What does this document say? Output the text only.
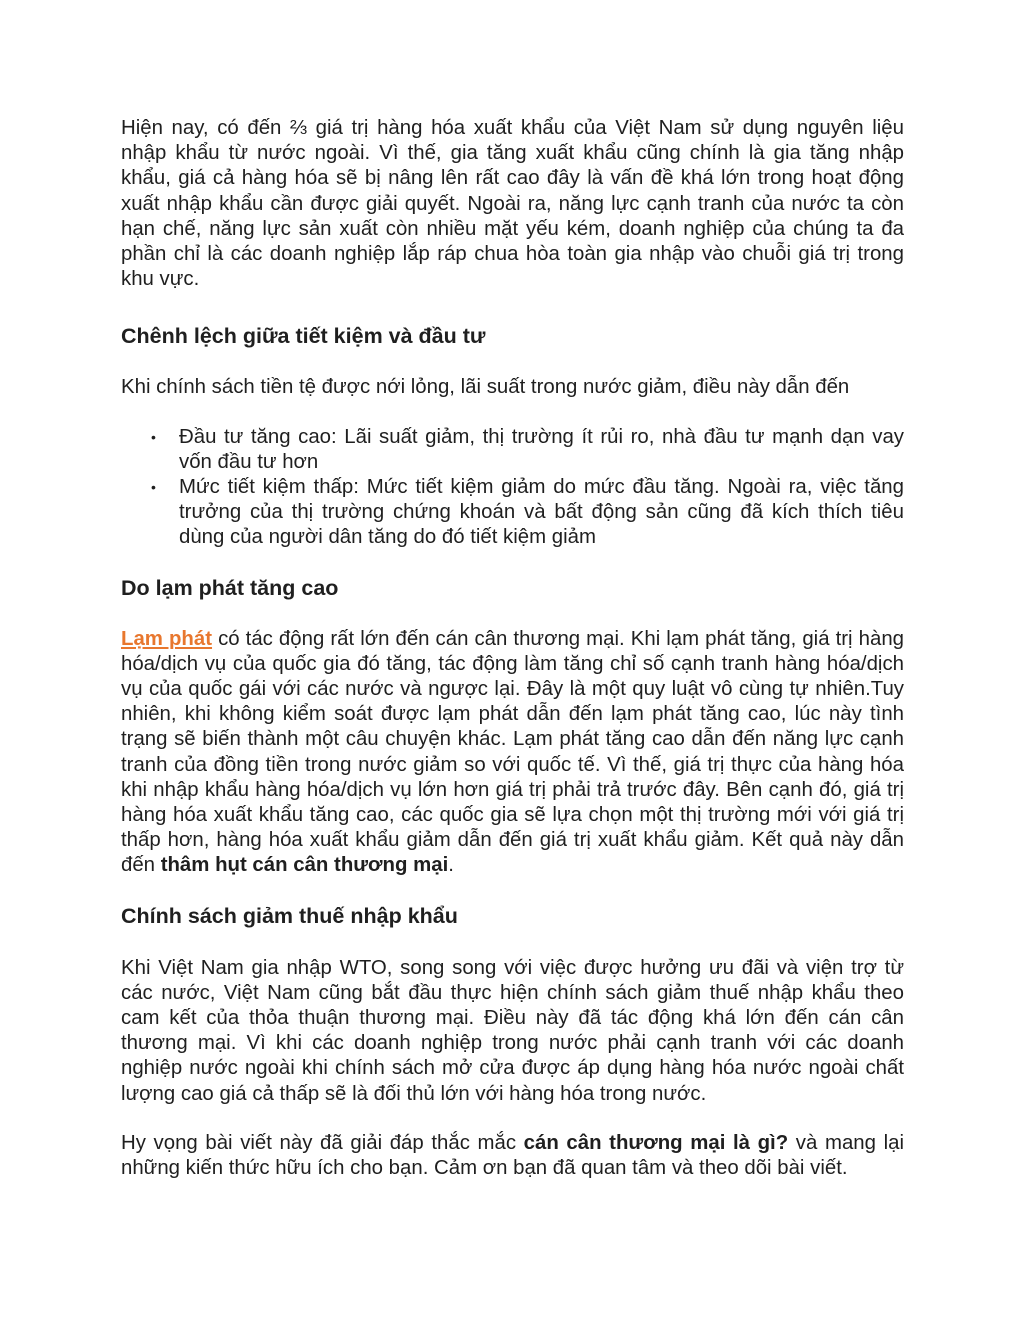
Hiện nay, có đến ⅔ giá trị hàng hóa xuất khẩu của Việt Nam sử dụng nguyên liệu nhập khẩu từ nước ngoài. Vì thế, gia tăng xuất khẩu cũng chính là gia tăng nhập khẩu, giá cả hàng hóa sẽ bị nâng lên rất cao đây là vấn đề khá lớn trong hoạt động xuất nhập khẩu cần được giải quyết. Ngoài ra, năng lực cạnh tranh của nước ta còn hạn chế, năng lực sản xuất còn nhiều mặt yếu kém, doanh nghiệp của chúng ta đa phần chỉ là các doanh nghiệp lắp ráp chua hòa toàn gia nhập vào chuỗi giá trị trong khu vực.

Chênh lệch giữa tiết kiệm và đầu tư

Khi chính sách tiền tệ được nới lỏng, lãi suất trong nước giảm, điều này dẫn đến

• Đầu tư tăng cao: Lãi suất giảm, thị trường ít rủi ro, nhà đầu tư mạnh dạn vay vốn đầu tư hơn
• Mức tiết kiệm thấp: Mức tiết kiệm giảm do mức đầu tăng. Ngoài ra, việc tăng trưởng của thị trường chứng khoán và bất động sản cũng đã kích thích tiêu dùng của người dân tăng do đó tiết kiệm giảm
Do lạm phát tăng cao

Lạm phát có tác động rất lớn đến cán cân thương mại. Khi lạm phát tăng, giá trị hàng hóa/dịch vụ của quốc gia đó tăng, tác động làm tăng chỉ số cạnh tranh hàng hóa/dịch vụ của quốc gái với các nước và ngược lại. Đây là một quy luật vô cùng tự nhiên.Tuy nhiên, khi không kiểm soát được lạm phát dẫn đến lạm phát tăng cao, lúc này tình trạng sẽ biến thành một câu chuyện khác. Lạm phát tăng cao dẫn đến năng lực cạnh tranh của đồng tiền trong nước giảm so với quốc tế. Vì thế, giá trị thực của hàng hóa khi nhập khẩu hàng hóa/dịch vụ lớn hơn giá trị phải trả trước đây. Bên cạnh đó, giá trị hàng hóa xuất khẩu tăng cao, các quốc gia sẽ lựa chọn một thị trường mới với giá trị thấp hơn, hàng hóa xuất khẩu giảm dẫn đến giá trị xuất khẩu giảm. Kết quả này dẫn đến thâm hụt cán cân thương mại.

Chính sách giảm thuế nhập khẩu

Khi Việt Nam gia nhập WTO, song song với việc được hưởng ưu đãi và viện trợ từ các nước, Việt Nam cũng bắt đầu thực hiện chính sách giảm thuế nhập khẩu theo cam kết của thỏa thuận thương mại. Điều này đã tác động khá lớn đến cán cân thương mại. Vì khi các doanh nghiệp trong nước phải cạnh tranh với các doanh nghiệp nước ngoài khi chính sách mở cửa được áp dụng hàng hóa nước ngoài chất lượng cao giá cả thấp sẽ là đối thủ lớn với hàng hóa trong nước.

Hy vọng bài viết này đã giải đáp thắc mắc cán cân thương mại là gì? và mang lại những kiến thức hữu ích cho bạn. Cảm ơn bạn đã quan tâm và theo dõi bài viết.
